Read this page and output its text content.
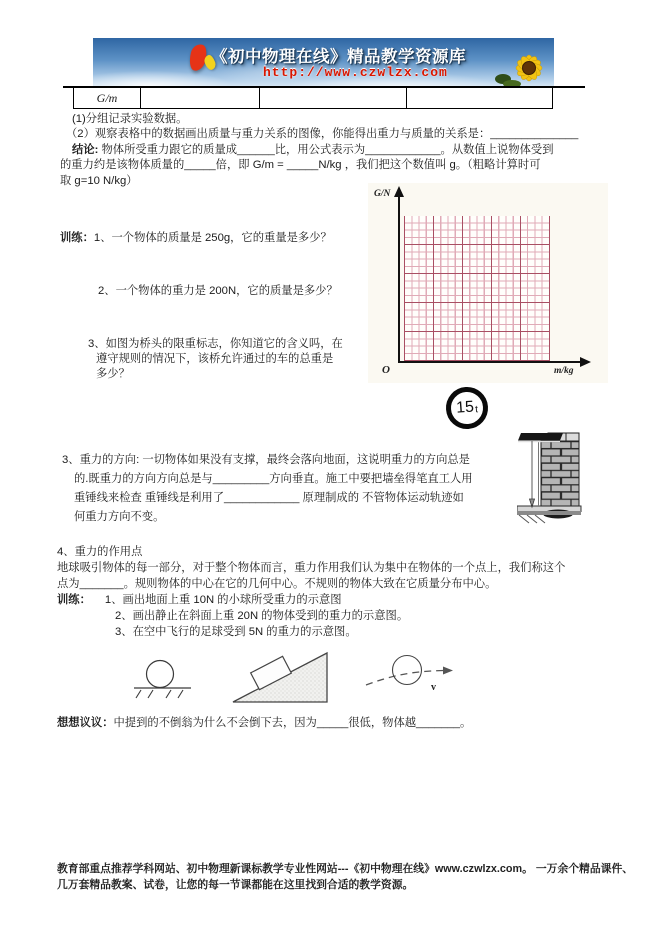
《初中物理在线》精品教学资源库
http://www.czwlzx.com
G/m
(1)分组记录实验数据。
（2）观察表格中的数据画出质量与重力关系的图像，你能得出重力与质量的关系是：______________
结论: 物体所受重力跟它的质量成______比，用公式表示为____________。从数值上说物体受到
的重力约是该物体质量的_____倍，即 G/m = _____N/kg ，我们把这个数值叫 g。（粗略计算时可
取 g=10 N/kg）
训练：1、一个物体的质量是 250g，它的重量是多少？
2、一个物体的重力是 200N，它的质量是多少？
3、如图为桥头的限重标志，你知道它的含义吗，在
遵守规则的情况下，该桥允许通过的车的总重是
多少？
G/N
O	m/kg
15 t
3、重力的方向: 一切物体如果没有支撑，最终会落向地面，这说明重力的方向总是
的.既重力的方向方向总是与_________方向垂直。施工中要把墙垒得笔直工人用
重锤线来检查 重锤线是利用了____________ 原理制成的 不管物体运动轨迹如
何重力方向不变。
4、重力的作用点
地球吸引物体的每一部分，对于整个物体而言，重力作用我们认为集中在物体的一个点上，我们称这个
点为_______。规则物体的中心在它的几何中心。不规则的物体大致在它质量分布中心。
训练： 1、画出地面上重 10N 的小球所受重力的示意图
2、画出静止在斜面上重 20N 的物体受到的重力的示意图。
3、在空中飞行的足球受到 5N 的重力的示意图。
v
想想议议：中提到的不倒翁为什么不会倒下去，因为_____很低，物体越_______。
教育部重点推荐学科网站、初中物理新课标教学专业性网站---《初中物理在线》www.czwlzx.com。 一万余个精品课件、
几万套精品教案、试卷，让您的每一节课都能在这里找到合适的教学资源。
